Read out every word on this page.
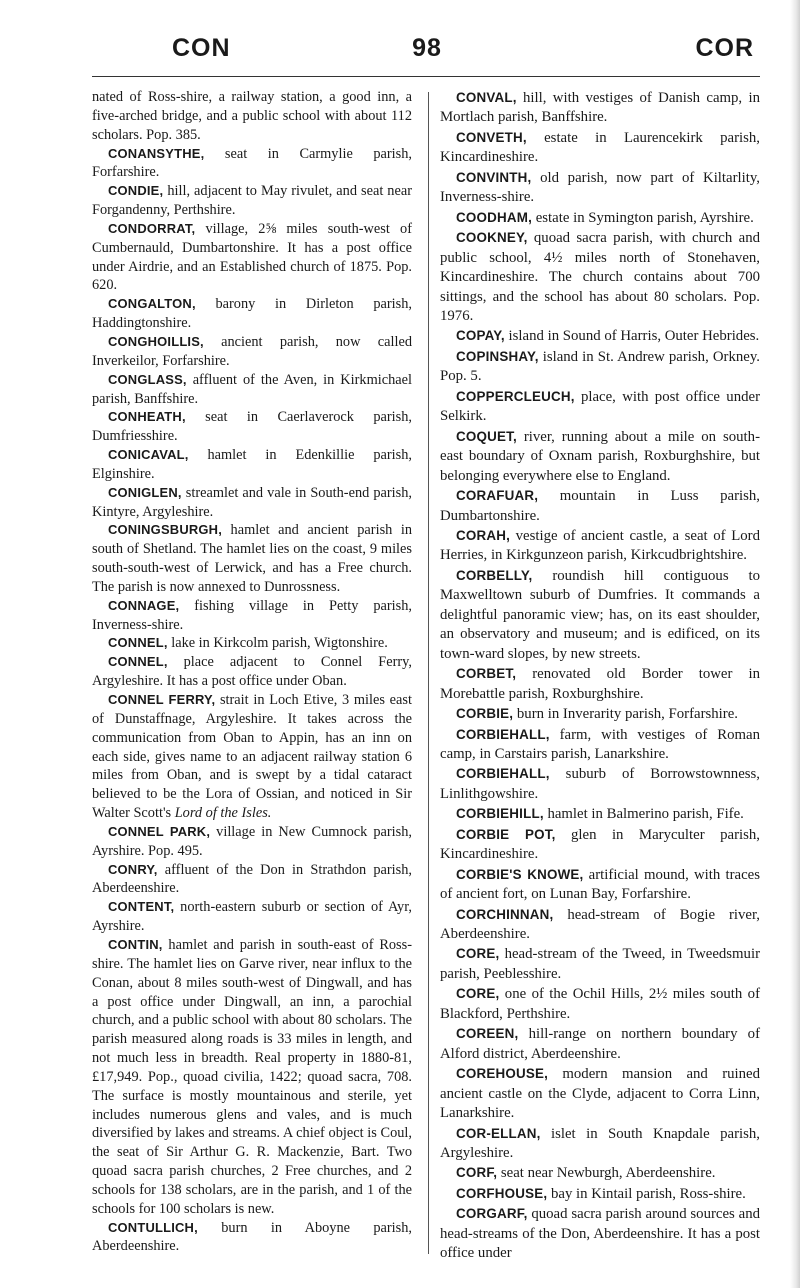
98
CON	COR

nated of Ross-shire, a railway station, a good inn, a five-arched bridge, and a public school with about 112 scholars. Pop. 385.

CONANSYTHE, seat in Carmylie parish, Forfarshire.

CONDIE, hill, adjacent to May rivulet, and seat near Forgandenny, Perthshire.

CONDORRAT, village, 2⅝ miles south-west of Cumbernauld, Dumbartonshire. It has a post office under Airdrie, and an Established church of 1875. Pop. 620.

CONGALTON, barony in Dirleton parish, Haddingtonshire.

CONGHOILLIS, ancient parish, now called Inverkeilor, Forfarshire.

CONGLASS, affluent of the Aven, in Kirkmichael parish, Banffshire.

CONHEATH, seat in Caerlaverock parish, Dumfriesshire.

CONICAVAL, hamlet in Edenkillie parish, Elginshire.

CONIGLEN, streamlet and vale in South-end parish, Kintyre, Argyleshire.

CONINGSBURGH, hamlet and ancient parish in south of Shetland. The hamlet lies on the coast, 9 miles south-south-west of Lerwick, and has a Free church. The parish is now annexed to Dunrossness.

CONNAGE, fishing village in Petty parish, Inverness-shire.

CONNEL, lake in Kirkcolm parish, Wigtonshire.

CONNEL, place adjacent to Connel Ferry, Argyleshire. It has a post office under Oban.

CONNEL FERRY, strait in Loch Etive, 3 miles east of Dunstaffnage, Argyleshire. It takes across the communication from Oban to Appin, has an inn on each side, gives name to an adjacent railway station 6 miles from Oban, and is swept by a tidal cataract believed to be the Lora of Ossian, and noticed in Sir Walter Scott's Lord of the Isles.

CONNEL PARK, village in New Cumnock parish, Ayrshire. Pop. 495.

CONRY, affluent of the Don in Strathdon parish, Aberdeenshire.

CONTENT, north-eastern suburb or section of Ayr, Ayrshire.

CONTIN, hamlet and parish in south-east of Ross-shire. The hamlet lies on Garve river, near influx to the Conan, about 8 miles south-west of Dingwall, and has a post office under Dingwall, an inn, a parochial church, and a public school with about 80 scholars. The parish measured along roads is 33 miles in length, and not much less in breadth. Real property in 1880-81, £17,949. Pop., quoad civilia, 1422; quoad sacra, 708. The surface is mostly mountainous and sterile, yet includes numerous glens and vales, and is much diversified by lakes and streams. A chief object is Coul, the seat of Sir Arthur G. R. Mackenzie, Bart. Two quoad sacra parish churches, 2 Free churches, and 2 schools for 138 scholars, are in the parish, and 1 of the schools for 100 scholars is new.

CONTULLICH, burn in Aboyne parish, Aberdeenshire.

CONVAL, hill, with vestiges of Danish camp, in Mortlach parish, Banffshire.

CONVETH, estate in Laurencekirk parish, Kincardineshire.

CONVINTH, old parish, now part of Kiltarlity, Inverness-shire.

COODHAM, estate in Symington parish, Ayrshire.

COOKNEY, quoad sacra parish, with church and public school, 4½ miles north of Stonehaven, Kincardineshire. The church contains about 700 sittings, and the school has about 80 scholars. Pop. 1976.

COPAY, island in Sound of Harris, Outer Hebrides.

COPINSHAY, island in St. Andrew parish, Orkney. Pop. 5.

COPPERCLEUCH, place, with post office under Selkirk.

COQUET, river, running about a mile on south-east boundary of Oxnam parish, Roxburghshire, but belonging everywhere else to England.

CORAFUAR, mountain in Luss parish, Dumbartonshire.

CORAH, vestige of ancient castle, a seat of Lord Herries, in Kirkgunzeon parish, Kirkcudbrightshire.

CORBELLY, roundish hill contiguous to Maxwelltown suburb of Dumfries. It commands a delightful panoramic view; has, on its east shoulder, an observatory and museum; and is edificed, on its town-ward slopes, by new streets.

CORBET, renovated old Border tower in Morebattle parish, Roxburghshire.

CORBIE, burn in Inverarity parish, Forfarshire.

CORBIEHALL, farm, with vestiges of Roman camp, in Carstairs parish, Lanarkshire.

CORBIEHALL, suburb of Borrowstownness, Linlithgowshire.

CORBIEHILL, hamlet in Balmerino parish, Fife.

CORBIE POT, glen in Maryculter parish, Kincardineshire.

CORBIE'S KNOWE, artificial mound, with traces of ancient fort, on Lunan Bay, Forfarshire.

CORCHINNAN, head-stream of Bogie river, Aberdeenshire.

CORE, head-stream of the Tweed, in Tweedsmuir parish, Peeblesshire.

CORE, one of the Ochil Hills, 2½ miles south of Blackford, Perthshire.

COREEN, hill-range on northern boundary of Alford district, Aberdeenshire.

COREHOUSE, modern mansion and ruined ancient castle on the Clyde, adjacent to Corra Linn, Lanarkshire.

COR-ELLAN, islet in South Knapdale parish, Argyleshire.

CORF, seat near Newburgh, Aberdeenshire.

CORFHOUSE, bay in Kintail parish, Ross-shire.

CORGARF, quoad sacra parish around sources and head-streams of the Don, Aberdeenshire. It has a post office under
